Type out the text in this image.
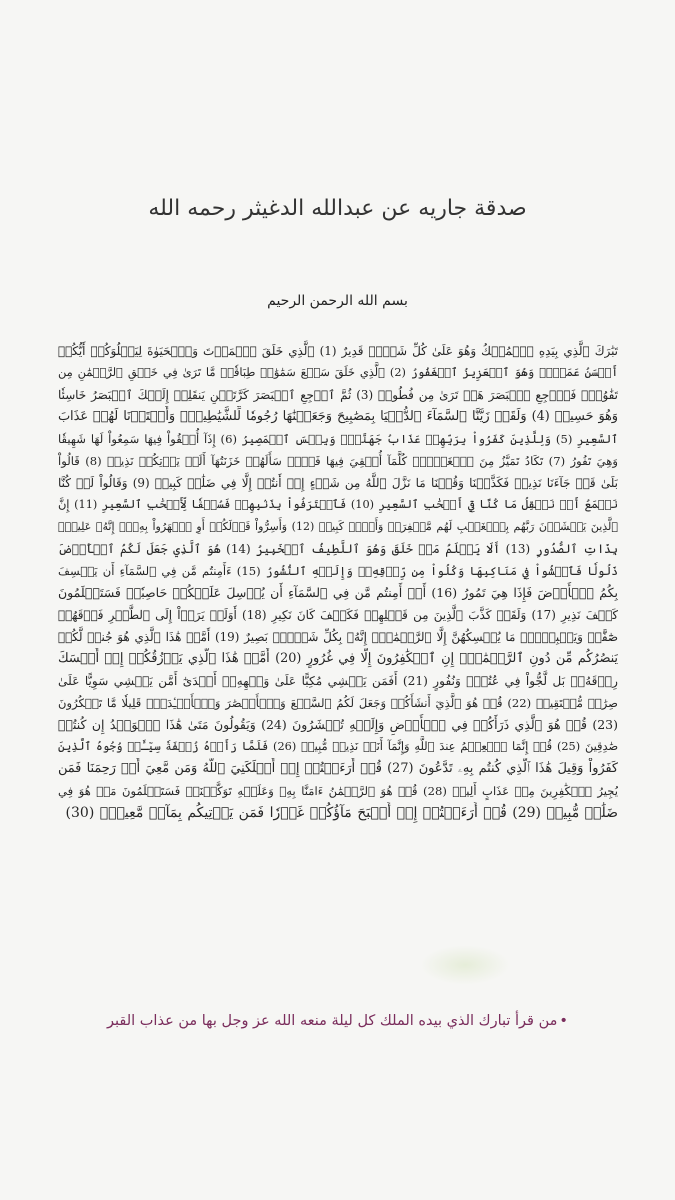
صدقة جاريه عن عبدالله الدغيثر رحمه الله
بسم الله الرحمن الرحيم
تَبَٰرَكَ ٱلَّذِي بِيَدِهِ ٱلۡمُلۡكُ وَهُوَ عَلَىٰ كُلِّ شَيۡءٖ قَدِيرٌ (1) ٱلَّذِي خَلَقَ ٱلۡمَوۡتَ وَٱلۡحَيَوٰةَ لِيَبۡلُوَكُمۡ أَيُّكُمۡ
أَحۡسَنُ عَمَلٗاۚ وَهُوَ ٱلۡعَزِيزُ ٱلۡغَفُورُ (2) ٱلَّذِي خَلَقَ سَبۡعَ سَمَٰوَٰتٖ طِبَاقٗاۖ مَّا تَرَىٰ فِي خَلۡقِ ٱلرَّحۡمَٰنِ مِن
تَفَٰوُتٖۖ فَٱرۡجِعِ ٱلۡبَصَرَ هَلۡ تَرَىٰ مِن فُطُورٖ (3) ثُمَّ ٱرۡجِعِ ٱلۡبَصَرَ كَرَّتَيۡنِ يَنقَلِبۡ إِلَيۡكَ ٱلۡبَصَرُ خَاسِئٗا
وَهُوَ حَسِيرٞ (4) وَلَقَدۡ زَيَّنَّا ٱلسَّمَآءَ ٱلدُّنۡيَا بِمَصَٰبِيحَ وَجَعَلۡنَٰهَا رُجُومٗا لِّلشَّيَٰطِينِۖ وَأَعۡتَدۡنَا لَهُمۡ عَذَابَ
ٱلسَّعِيرِ (5) وَلِلَّذِينَ كَفَرُواْ بِرَبِّهِمۡ عَذَابُ جَهَنَّمَۖ وَبِئۡسَ ٱلۡمَصِيرُ (6) إِذَآ أُلۡقُواْ فِيهَا سَمِعُواْ لَهَا شَهِيقٗا
وَهِيَ تَفُورُ (7) تَكَادُ تَمَيَّزُ مِنَ ٱلۡغَيۡظِۖ كُلَّمَآ أُلۡقِيَ فِيهَا فَوۡجٞ سَأَلَهُمۡ خَزَنَتُهَآ أَلَمۡ يَأۡتِكُمۡ نَذِيرٞ (8) قَالُواْ
بَلَىٰ قَدۡ جَآءَنَا نَذِيرٞ فَكَذَّبۡنَا وَقُلۡنَا مَا نَزَّلَ ٱللَّهُ مِن شَيۡءٍ إِنۡ أَنتُمۡ إِلَّا فِي ضَلَٰلٖ كَبِيرٖ (9) وَقَالُواْ لَوۡ كُنَّا
نَسۡمَعُ أَوۡ نَعۡقِلُ مَا كُنَّا فِيٓ أَصۡحَٰبِ ٱلسَّعِيرِ (10) فَٱعۡتَرَفُواْ بِذَنۢبِهِمۡ فَسُحۡقٗا لِّأَصۡحَٰبِ ٱلسَّعِيرِ (11) إِنَّ
ٱلَّذِينَ يَخۡشَوۡنَ رَبَّهُم بِٱلۡغَيۡبِ لَهُم مَّغۡفِرَةٞ وَأَجۡرٞ كَبِيرٞ (12) وَأَسِرُّواْ قَوۡلَكُمۡ أَوِ ٱجۡهَرُواْ بِهِۦٓۖ إِنَّهُۥ عَلِيمُۢ
بِذَاتِ ٱلصُّدُورِ (13) أَلَا يَعۡلَمُ مَنۡ خَلَقَ وَهُوَ ٱللَّطِيفُ ٱلۡخَبِيرُ (14) هُوَ ٱلَّذِي جَعَلَ لَكُمُ ٱلۡأَرۡضَ
ذَلُولٗا فَٱمۡشُواْ فِي مَنَاكِبِهَا وَكُلُواْ مِن رِّزۡقِهِۦۖ وَإِلَيۡهِ ٱلنُّشُورُ (15) ءَأَمِنتُم مَّن فِي ٱلسَّمَآءِ أَن يَخۡسِفَ
بِكُمُ ٱلۡأَرۡضَ فَإِذَا هِيَ تَمُورُ (16) أَمۡ أَمِنتُم مَّن فِي ٱلسَّمَآءِ أَن يُرۡسِلَ عَلَيۡكُمۡ حَاصِبٗاۖ فَسَتَعۡلَمُونَ
كَيۡفَ نَذِيرِ (17) وَلَقَدۡ كَذَّبَ ٱلَّذِينَ مِن قَبۡلِهِمۡ فَكَيۡفَ كَانَ نَكِيرِ (18) أَوَلَمۡ يَرَوۡاْ إِلَى ٱلطَّيۡرِ فَوۡقَهُمۡ
صَٰٓفَّٰتٖ وَيَقۡبِضۡنَۚ مَا يُمۡسِكُهُنَّ إِلَّا ٱلرَّحۡمَٰنُۚ إِنَّهُۥ بِكُلِّ شَيۡءِۢ بَصِيرٌ (19) أَمَّنۡ هَٰذَا ٱلَّذِي هُوَ جُندٞ لَّكُمۡ
يَنصُرُكُم مِّن دُونِ ٱلرَّحۡمَٰنِۚ إِنِ ٱلۡكَٰفِرُونَ إِلَّا فِي غُرُورٍ (20) أَمَّنۡ هَٰذَا ٱلَّذِي يَرۡزُقُكُمۡ إِنۡ أَمۡسَكَ
رِزۡقَهُۥۚ بَل لَّجُّواْ فِي عُتُوّٖ وَنُفُورٍ (21) أَفَمَن يَمۡشِي مُكِبًّا عَلَىٰ وَجۡهِهِۦٓ أَهۡدَىٰٓ أَمَّن يَمۡشِي سَوِيًّا عَلَىٰ
صِرَٰطٖ مُّسۡتَقِيمٖ (22) قُلۡ هُوَ ٱلَّذِيٓ أَنشَأَكُمۡ وَجَعَلَ لَكُمُ ٱلسَّمۡعَ وَٱلۡأَبۡصَٰرَ وَٱلۡأَفۡـِٔدَةَۚ قَلِيلٗا مَّا تَشۡكُرُونَ
(23) قُلۡ هُوَ ٱلَّذِي ذَرَأَكُمۡ فِي ٱلۡأَرۡضِ وَإِلَيۡهِ تُحۡشَرُونَ (24) وَيَقُولُونَ مَتَىٰ هَٰذَا ٱلۡوَعۡدُ إِن كُنتُمۡ
صَٰدِقِينَ (25) قُلۡ إِنَّمَا ٱلۡعِلۡمُ عِندَ ٱللَّهِ وَإِنَّمَآ أَنَا۠ نَذِيرٞ مُّبِينٞ (26) فَلَمَّا رَأَوۡهُ زُلۡفَةٗ سِيٓـَٔتۡ وُجُوهُ ٱلَّذِينَ
كَفَرُواْ وَقِيلَ هَٰذَا ٱلَّذِي كُنتُم بِهِۦ تَدَّعُونَ (27) قُلۡ أَرَءَيۡتُمۡ إِنۡ أَهۡلَكَنِيَ ٱللَّهُ وَمَن مَّعِيَ أَوۡ رَحِمَنَا فَمَن
يُجِيرُ ٱلۡكَٰفِرِينَ مِنۡ عَذَابٍ أَلِيمٖ (28) قُلۡ هُوَ ٱلرَّحۡمَٰنُ ءَامَنَّا بِهِۦ وَعَلَيۡهِ تَوَكَّلۡنَاۖ فَسَتَعۡلَمُونَ مَنۡ هُوَ فِي
ضَلَٰلٖ مُّبِينٖ (29) قُلۡ أَرَءَيۡتُمۡ إِنۡ أَصۡبَحَ مَآؤُكُمۡ غَوۡرٗا فَمَن يَأۡتِيكُم بِمَآءٖ مَّعِينِۭ (30)
•من قرأ تبارك الذي بيده الملك كل ليلة منعه الله عز وجل بها من عذاب القبر
